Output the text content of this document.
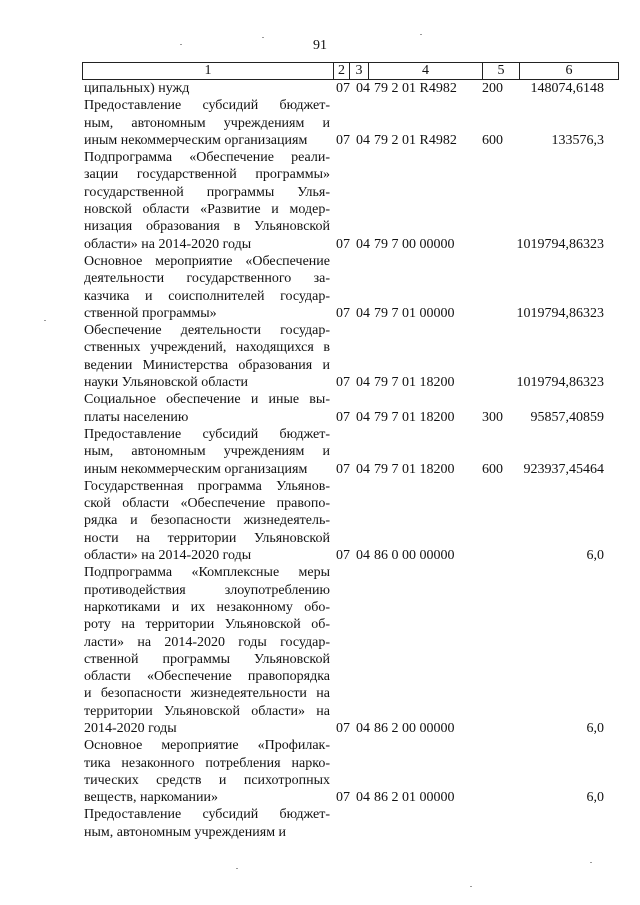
91
1	2	3	4	5	6
ципальных) нужд	07 04 79 2 01 R4982 200	148074,6148
Предоставление субсидий бюджет-
ным, автономным учреждениям и
иным некоммерческим организациям	07 04 79 2 01 R4982 600	133576,3
Подпрограмма «Обеспечение реали-
зации государственной программы»
государственной программы Улья-
новской области «Развитие и модер-
низация образования в Ульяновской
области» на 2014-2020 годы	07 04 79 7 00 00000	1019794,86323
Основное мероприятие «Обеспечение
деятельности государственного за-
казчика и соисполнителей государ-
ственной программы»	07 04 79 7 01 00000	1019794,86323
Обеспечение деятельности государ-
ственных учреждений, находящихся в
ведении Министерства образования и
науки Ульяновской области	07 04 79 7 01 18200	1019794,86323
Социальное обеспечение и иные вы-
платы населению	07 04 79 7 01 18200 300	95857,40859
Предоставление субсидий бюджет-
ным, автономным учреждениям и
иным некоммерческим организациям	07 04 79 7 01 18200 600	923937,45464
Государственная программа Ульянов-
ской области «Обеспечение правопо-
рядка и безопасности жизнедеятель-
ности на территории Ульяновской
области» на 2014-2020 годы	07 04 86 0 00 00000	6,0
Подпрограмма «Комплексные меры
противодействия злоупотреблению
наркотиками и их незаконному обо-
роту на территории Ульяновской об-
ласти» на 2014-2020 годы государ-
ственной программы Ульяновской
области «Обеспечение правопорядка
и безопасности жизнедеятельности на
территории Ульяновской области» на
2014-2020 годы	07 04 86 2 00 00000	6,0
Основное мероприятие «Профилак-
тика незаконного потребления нарко-
тических средств и психотропных
веществ, наркомании»	07 04 86 2 01 00000	6,0
Предоставление субсидий бюджет-
ным, автономным учреждениям и
